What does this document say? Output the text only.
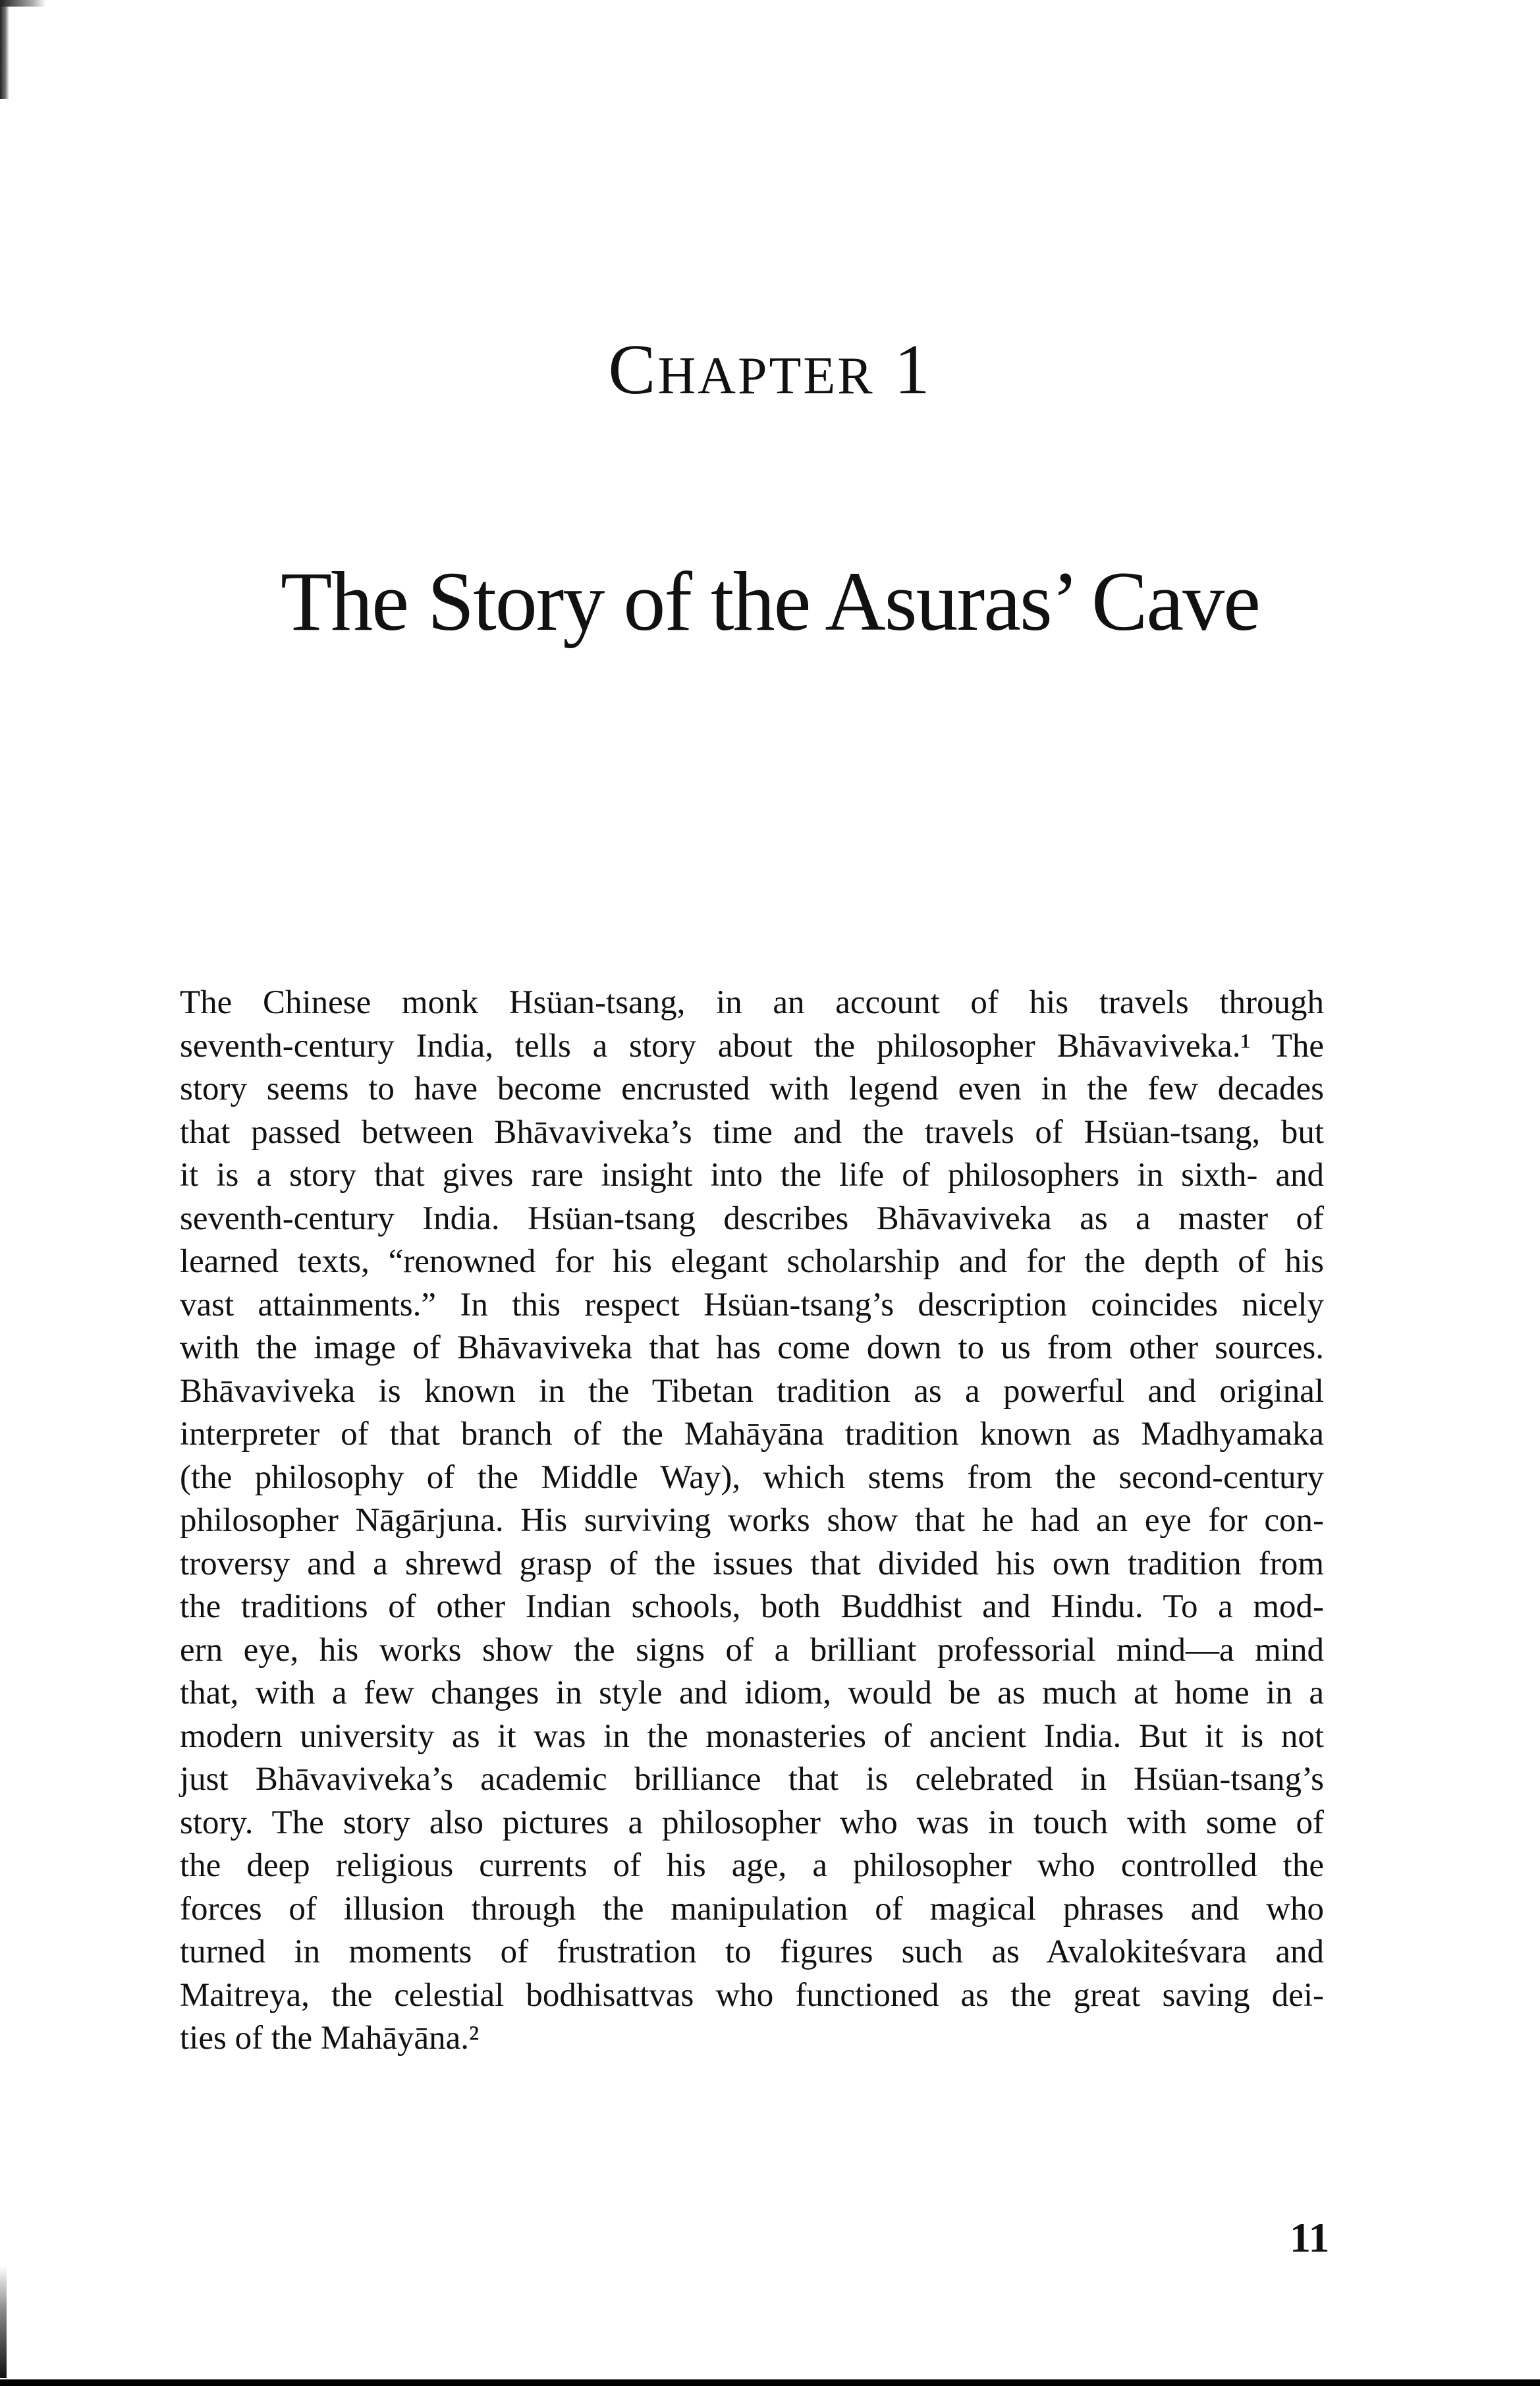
CHAPTER 1
The Story of the Asuras’ Cave
The Chinese monk Hsüan-tsang, in an account of his travels through
seventh-century India, tells a story about the philosopher Bhāvaviveka.¹ The
story seems to have become encrusted with legend even in the few decades
that passed between Bhāvaviveka’s time and the travels of Hsüan-tsang, but
it is a story that gives rare insight into the life of philosophers in sixth- and
seventh-century India. Hsüan-tsang describes Bhāvaviveka as a master of
learned texts, “renowned for his elegant scholarship and for the depth of his
vast attainments.” In this respect Hsüan-tsang’s description coincides nicely
with the image of Bhāvaviveka that has come down to us from other sources.
Bhāvaviveka is known in the Tibetan tradition as a powerful and original
interpreter of that branch of the Mahāyāna tradition known as Madhyamaka
(the philosophy of the Middle Way), which stems from the second-century
philosopher Nāgārjuna. His surviving works show that he had an eye for con-
troversy and a shrewd grasp of the issues that divided his own tradition from
the traditions of other Indian schools, both Buddhist and Hindu. To a mod-
ern eye, his works show the signs of a brilliant professorial mind—a mind
that, with a few changes in style and idiom, would be as much at home in a
modern university as it was in the monasteries of ancient India. But it is not
just Bhāvaviveka’s academic brilliance that is celebrated in Hsüan-tsang’s
story. The story also pictures a philosopher who was in touch with some of
the deep religious currents of his age, a philosopher who controlled the
forces of illusion through the manipulation of magical phrases and who
turned in moments of frustration to figures such as Avalokiteśvara and
Maitreya, the celestial bodhisattvas who functioned as the great saving dei-
ties of the Mahāyāna.²
11
